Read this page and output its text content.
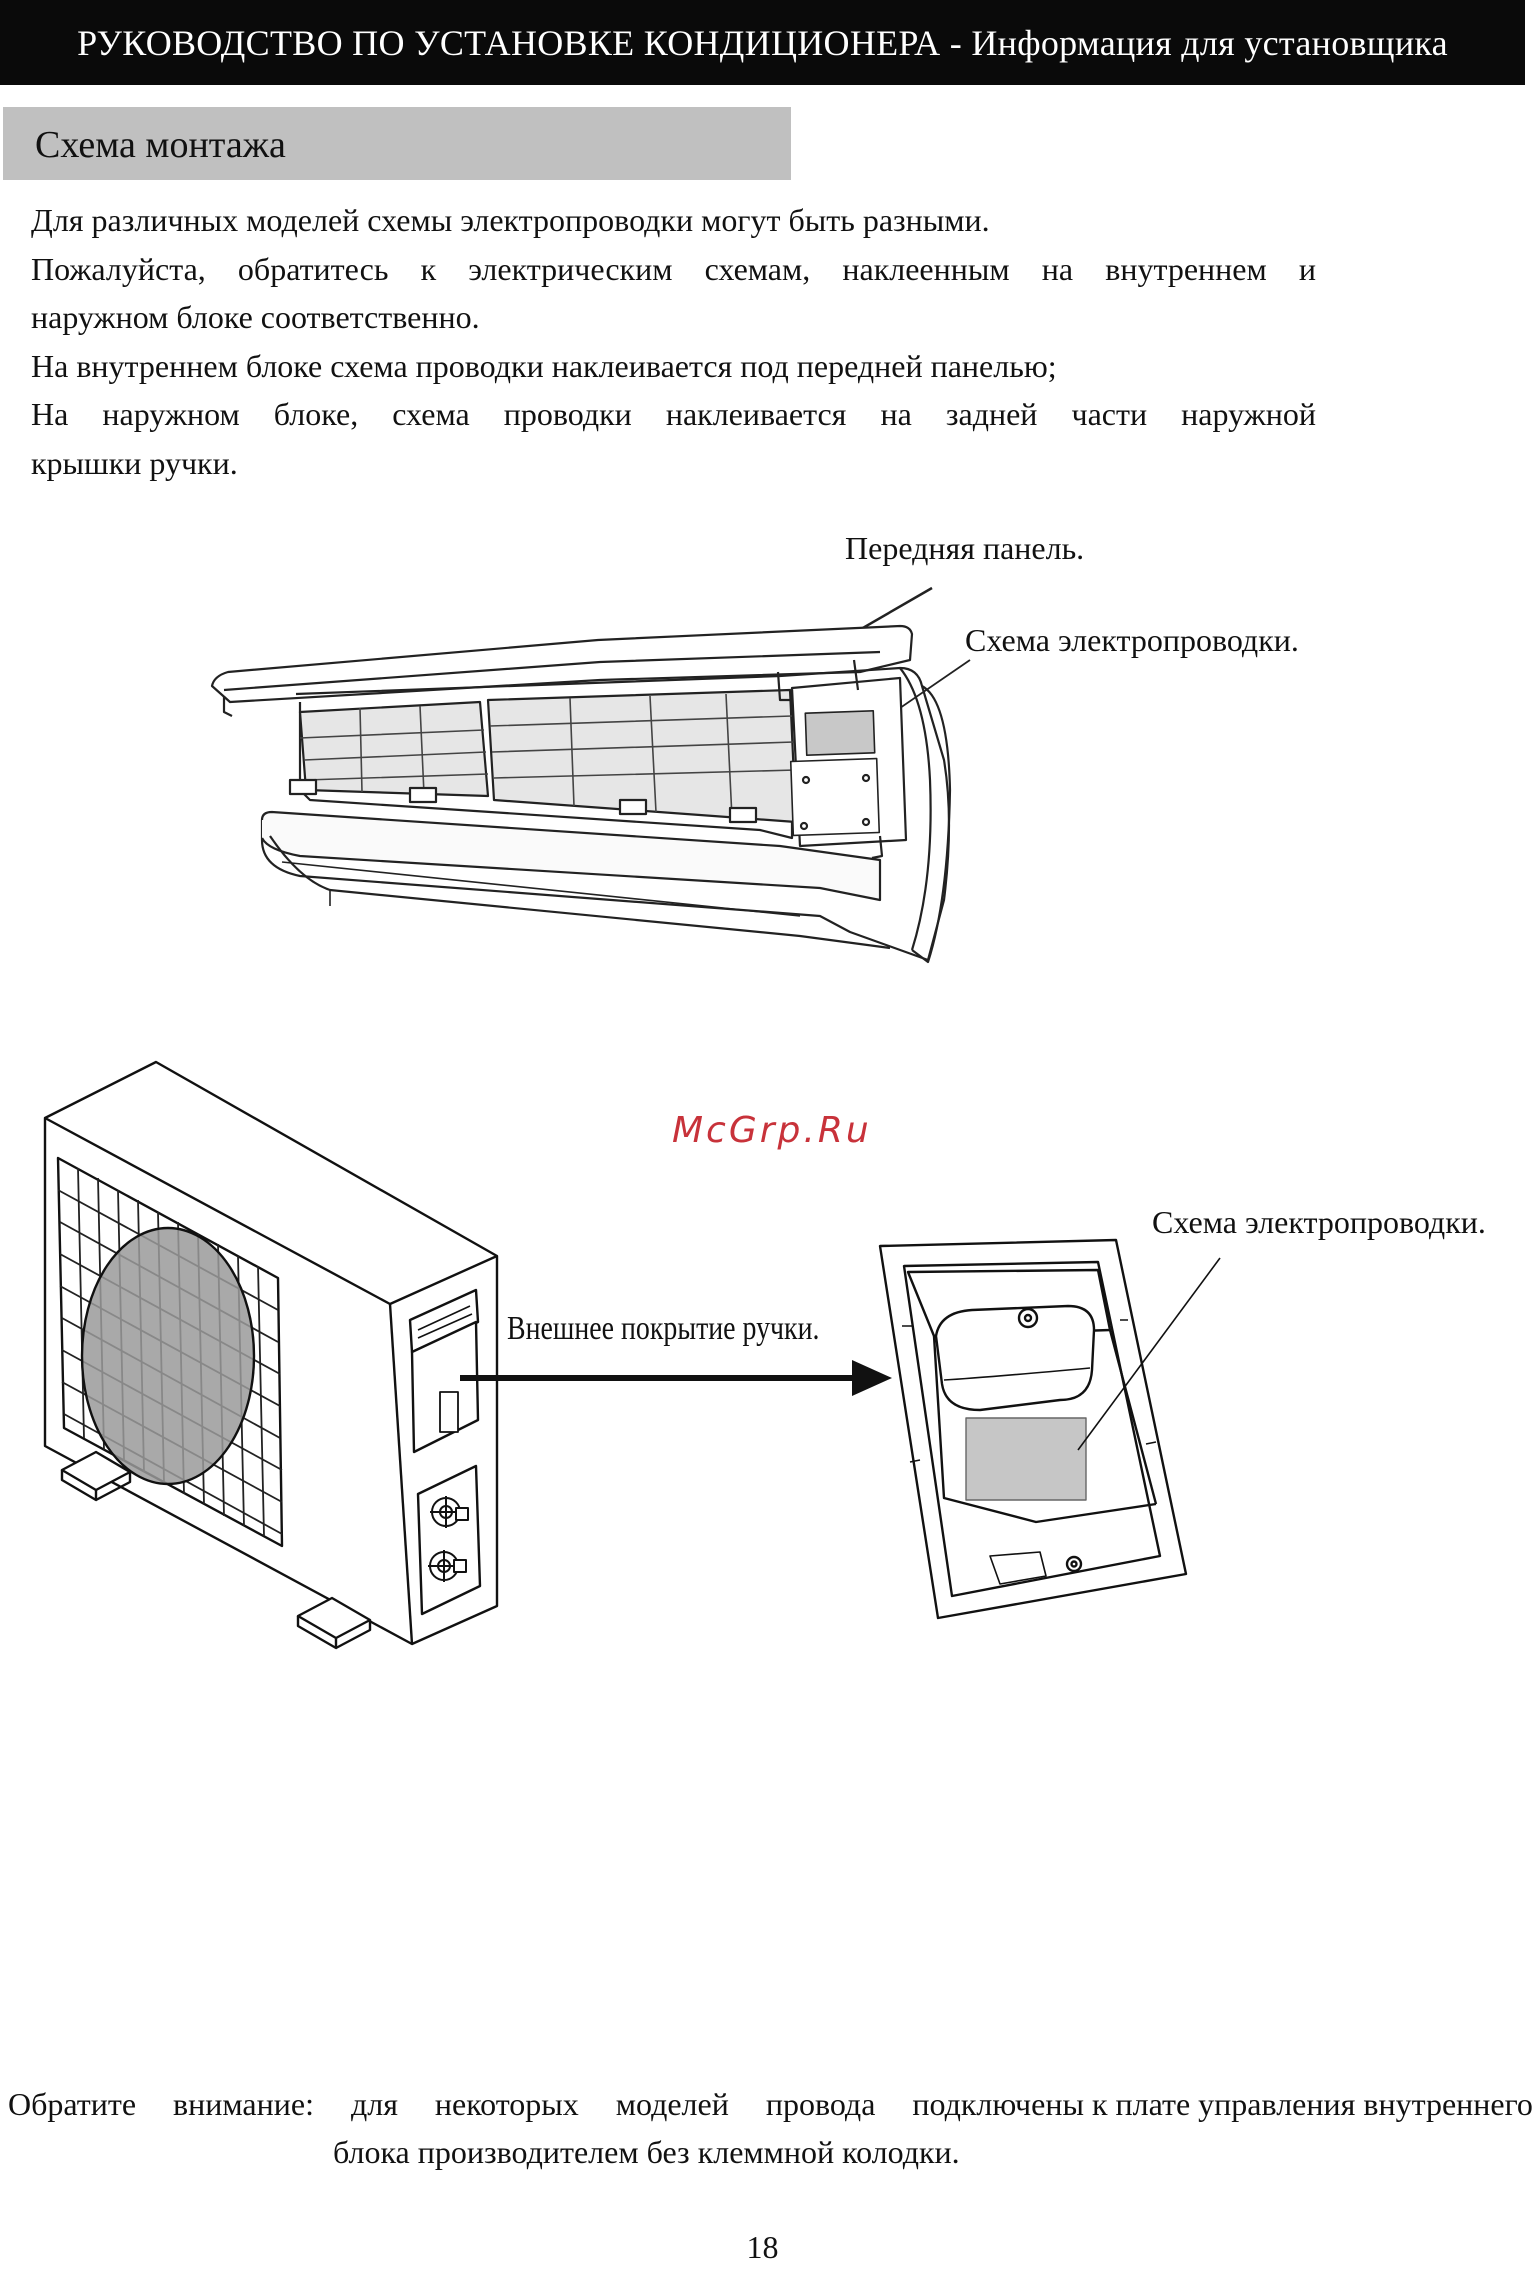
РУКОВОДСТВО ПО УСТАНОВКЕ КОНДИЦИОНЕРА - Информация для установщика
Схема монтажа

Для различных моделей схемы электропроводки могут быть разными.

Пожалуйста, обратитесь к электрическим схемам, наклеенным на внутреннем и

наружном блоке соответственно.

На внутреннем блоке схема проводки наклеивается под передней панелью;

На наружном блоке, схема проводки наклеивается на задней части наружной

крышки ручки.

Передняя панель.
Схема электропроводки.
McGrp.Ru
Схема электропроводки.
Внешнее покрытие ручки.
Обратите внимание: для некоторых моделей провода подключены к плате управления внутреннего
блока производителем без клеммной колодки.
18
